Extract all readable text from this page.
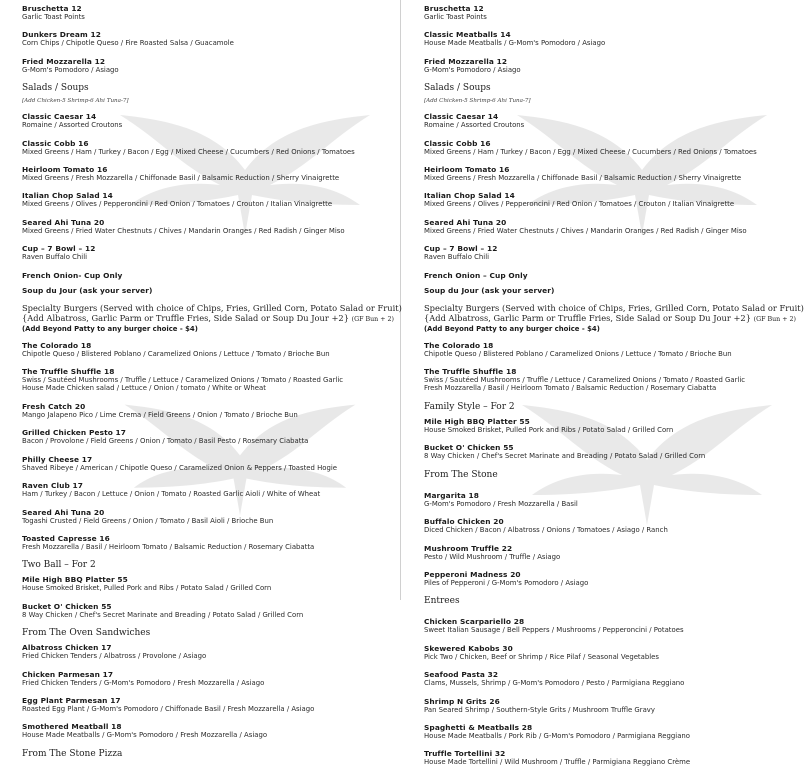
Bruschetta 12
Garlic Toast Points
Dunkers Dream 12
Corn Chips / Chipotle Queso / Fire Roasted Salsa / Guacamole
Fried Mozzarella 12
G-Mom's Pomodoro / Asiago
Salads / Soups
[Add Chicken-5 Shrimp-6 Ahi Tuna-7]
Classic Caesar 14
Romaine / Assorted Croutons
Classic Cobb 16
Mixed Greens / Ham / Turkey / Bacon / Egg / Mixed Cheese / Cucumbers / Red Onions / Tomatoes
Heirloom Tomato 16
Mixed Greens / Fresh Mozzarella / Chiffonade Basil / Balsamic Reduction / Sherry Vinaigrette
Italian Chop Salad 14
Mixed Greens / Olives / Pepperoncini / Red Onion / Tomatoes / Crouton / Italian Vinaigrette
Seared Ahi Tuna 20
Mixed Greens / Fried Water Chestnuts / Chives / Mandarin Oranges / Red Radish / Ginger Miso
Cup – 7 Bowl – 12
Raven Buffalo Chili
French Onion- Cup Only
Soup du Jour (ask your server)
Specialty Burgers (Served with choice of Chips, Fries, Grilled Corn, Potato Salad or Fruit)
{Add Albatross, Garlic Parm or Truffle Fries, Side Salad or Soup Du Jour +2} (GF Bun + 2)
(Add Beyond Patty to any burger choice - $4)
The Colorado 18
Chipotle Queso / Blistered Poblano / Caramelized Onions / Lettuce / Tomato / Brioche Bun
The Truffle Shuffle 18
Swiss / Sautéed Mushrooms / Truffle / Lettuce / Caramelized Onions / Tomato / Roasted Garlic
House Made Chicken salad / Lettuce / Onion / tomato / White or Wheat
Fresh Catch 20
Mango Jalapeno Pico / Lime Crema / Field Greens / Onion / Tomato / Brioche Bun
Grilled Chicken Pesto 17
Bacon / Provolone / Field Greens / Onion / Tomato / Basil Pesto / Rosemary Ciabatta
Philly Cheese 17
Shaved Ribeye / American / Chipotle Queso / Caramelized Onion & Peppers / Toasted Hogie
Raven Club 17
Ham / Turkey / Bacon / Lettuce / Onion / Tomato / Roasted Garlic Aioli / White of Wheat
Seared Ahi Tuna 20
Togashi Crusted / Field Greens / Onion / Tomato / Basil Aioli / Brioche Bun
Toasted Capresse 16
Fresh Mozzarella / Basil / Heirloom Tomato / Balsamic Reduction / Rosemary Ciabatta
Two Ball – For 2
Mile High BBQ Platter 55
House Smoked Brisket, Pulled Pork and Ribs / Potato Salad / Grilled Corn
Bucket O' Chicken 55
8 Way Chicken / Chef's Secret Marinate and Breading / Potato Salad / Grilled Corn
From The Oven Sandwiches
Albatross Chicken 17
Fried Chicken Tenders / Albatross / Provolone / Asiago
Chicken Parmesan 17
Fried Chicken Tenders / G-Mom's Pomodoro / Fresh Mozzarella / Asiago
Egg Plant Parmesan 17
Roasted Egg Plant / G-Mom's Pomodoro / Chiffonade Basil / Fresh Mozzarella / Asiago
Smothered Meatball 18
House Made Meatballs / G-Mom's Pomodoro / Fresh Mozzarella / Asiago
From The Stone Pizza
Bruschetta 12
Garlic Toast Points
Classic Meatballs 14
House Made Meatballs / G-Mom's Pomodoro / Asiago
Fried Mozzarella 12
G-Mom's Pomodoro / Asiago
Salads / Soups
[Add Chicken-5 Shrimp-6 Ahi Tuna-7]
Classic Caesar 14
Romaine / Assorted Croutons
Classic Cobb 16
Mixed Greens / Ham / Turkey / Bacon / Egg / Mixed Cheese / Cucumbers / Red Onions / Tomatoes
Heirloom Tomato 16
Mixed Greens / Fresh Mozzarella / Chiffonade Basil / Balsamic Reduction / Sherry Vinaigrette
Italian Chop Salad 14
Mixed Greens / Olives / Pepperoncini / Red Onion / Tomatoes / Crouton / Italian Vinaigrette
Seared Ahi Tuna 20
Mixed Greens / Fried Water Chestnuts / Chives / Mandarin Oranges / Red Radish / Ginger Miso
Cup – 7 Bowl – 12
Raven Buffalo Chili
French Onion – Cup Only
Soup du Jour (ask your server)
Specialty Burgers (Served with choice of Chips, Fries, Grilled Corn, Potato Salad or Fruit)
{Add Albatross, Garlic Parm or Truffle Fries, Side Salad or Soup Du Jour +2} (GF Bun + 2)
(Add Beyond Patty to any burger choice - $4)
The Colorado 18
Chipotle Queso / Blistered Poblano / Caramelized Onions / Lettuce / Tomato / Brioche Bun
The Truffle Shuffle 18
Swiss / Sautéed Mushrooms / Truffle / Lettuce / Caramelized Onions / Tomato / Roasted Garlic
Fresh Mozzarella / Basil / Heirloom Tomato / Balsamic Reduction / Rosemary Ciabatta
Family Style – For 2
Mile High BBQ Platter 55
House Smoked Brisket, Pulled Pork and Ribs / Potato Salad / Grilled Corn
Bucket O' Chicken 55
8 Way Chicken / Chef's Secret Marinate and Breading / Potato Salad / Grilled Corn
From The Stone
Margarita 18
G-Mom's Pomodoro / Fresh Mozzarella / Basil
Buffalo Chicken 20
Diced Chicken / Bacon / Albatross / Onions / Tomatoes / Asiago / Ranch
Mushroom Truffle 22
Pesto / Wild Mushroom / Truffle / Asiago
Pepperoni Madness 20
Piles of Pepperoni / G-Mom's Pomodoro / Asiago
Entrees
Chicken Scarpariello 28
Sweet Italian Sausage / Bell Peppers / Mushrooms / Pepperoncini / Potatoes
Skewered Kabobs 30
Pick Two / Chicken, Beef or Shrimp / Rice Pilaf / Seasonal Vegetables
Seafood Pasta 32
Clams, Mussels, Shrimp / G-Mom's Pomodoro / Pesto / Parmigiana Reggiano
Shrimp N Grits 26
Pan Seared Shrimp / Southern-Style Grits / Mushroom Truffle Gravy
Spaghetti & Meatballs 28
House Made Meatballs / Pork Rib / G-Mom's Pomodoro / Parmigiana Reggiano
Truffle Tortellini 32
House Made Tortellini / Wild Mushroom / Truffle / Parmigiana Reggiano Crème
